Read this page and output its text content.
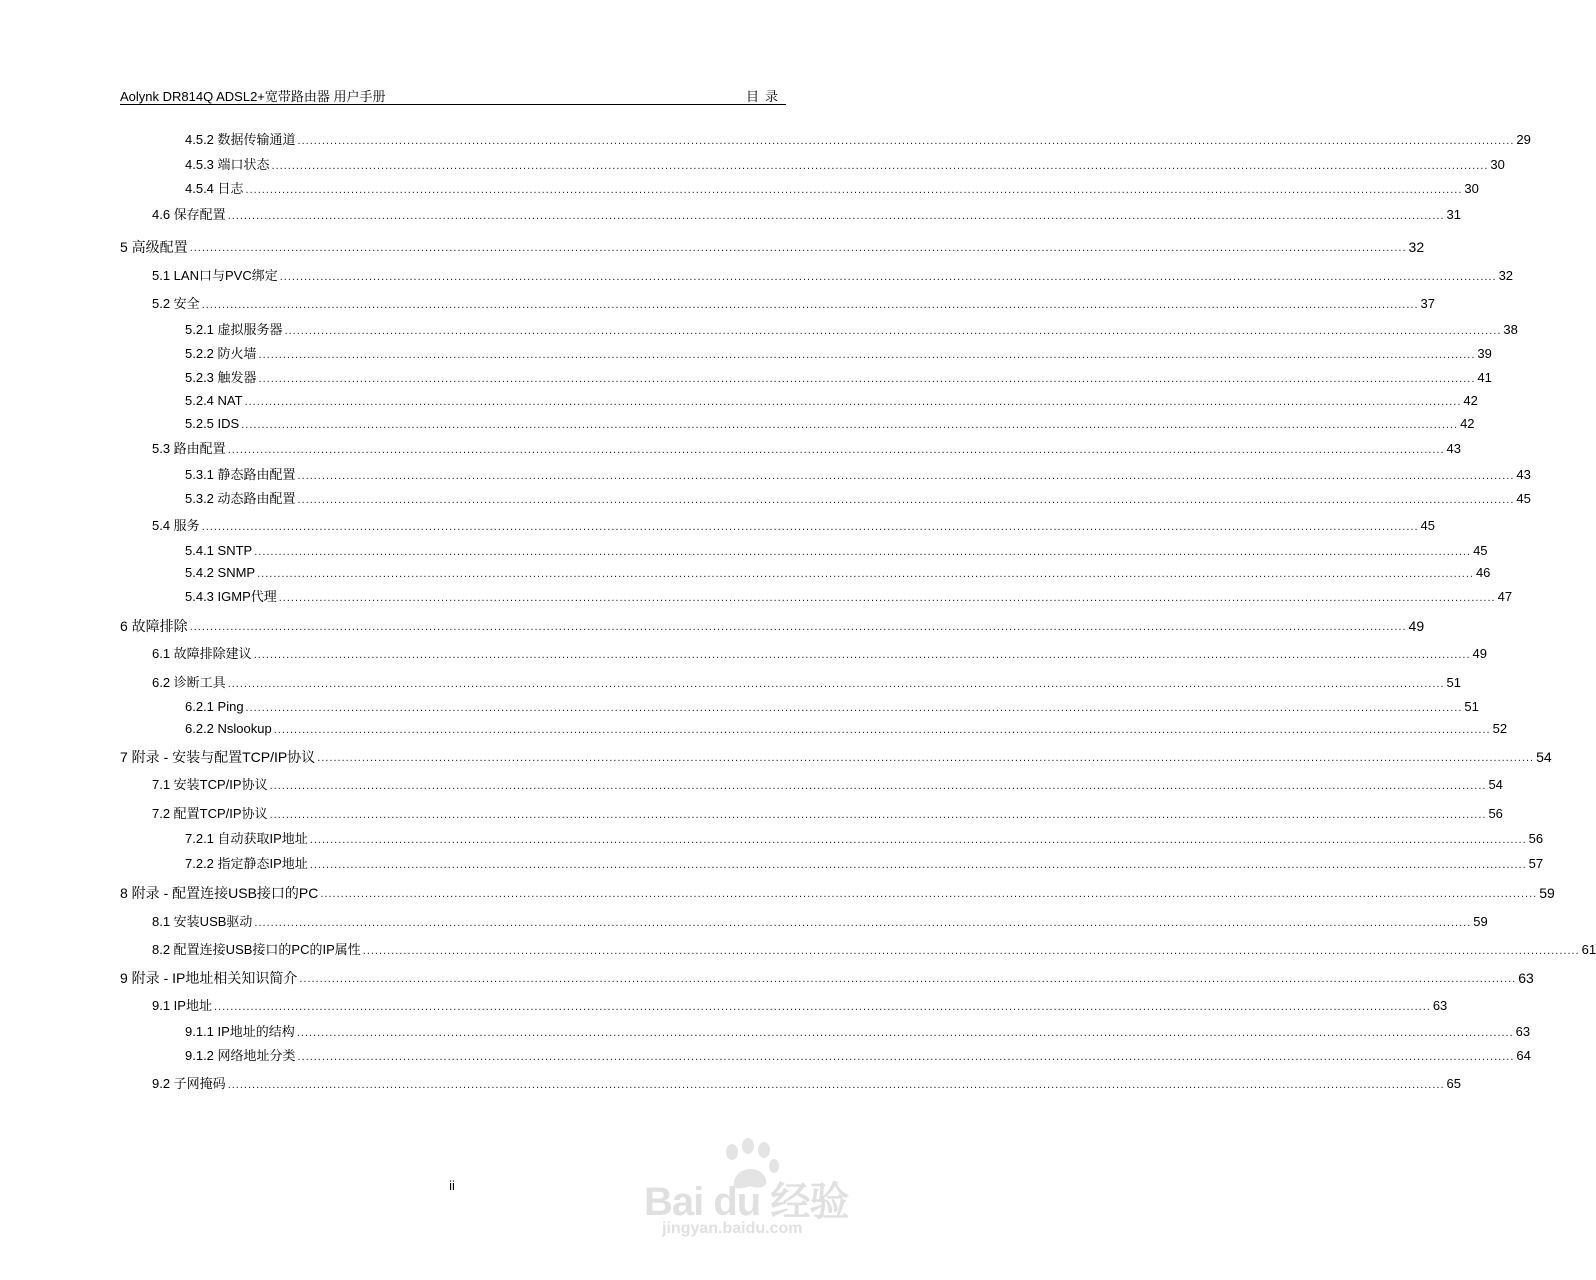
Aolynk DR814Q ADSL2+宽带路由器 用户手册	目录
4.5.2 数据传输通道 ............................................................................................................................................................................................................................................................................................................ 29
4.5.3 端口状态 ............................................................................................................................................................................................................................................................................................................ 30
4.5.4 日志 ............................................................................................................................................................................................................................................................................................................ 30
4.6 保存配置 ............................................................................................................................................................................................................................................................................................................ 31
5 高级配置 ............................................................................................................................................................................................................................................................................................................ 32
5.1 LAN口与PVC绑定 ............................................................................................................................................................................................................................................................................................................ 32
5.2 安全 ............................................................................................................................................................................................................................................................................................................ 37
5.2.1 虚拟服务器 ............................................................................................................................................................................................................................................................................................................ 38
5.2.2 防火墙 ............................................................................................................................................................................................................................................................................................................ 39
5.2.3 触发器 ............................................................................................................................................................................................................................................................................................................ 41
5.2.4 NAT ............................................................................................................................................................................................................................................................................................................ 42
5.2.5 IDS ............................................................................................................................................................................................................................................................................................................ 42
5.3 路由配置 ............................................................................................................................................................................................................................................................................................................ 43
5.3.1 静态路由配置 ............................................................................................................................................................................................................................................................................................................ 43
5.3.2 动态路由配置 ............................................................................................................................................................................................................................................................................................................ 45
5.4 服务 ............................................................................................................................................................................................................................................................................................................ 45
5.4.1 SNTP ............................................................................................................................................................................................................................................................................................................ 45
5.4.2 SNMP ............................................................................................................................................................................................................................................................................................................ 46
5.4.3 IGMP代理 ............................................................................................................................................................................................................................................................................................................ 47
6 故障排除 ............................................................................................................................................................................................................................................................................................................ 49
6.1 故障排除建议 ............................................................................................................................................................................................................................................................................................................ 49
6.2 诊断工具 ............................................................................................................................................................................................................................................................................................................ 51
6.2.1 Ping ............................................................................................................................................................................................................................................................................................................ 51
6.2.2 Nslookup ............................................................................................................................................................................................................................................................................................................ 52
7 附录 - 安装与配置TCP/IP协议 ............................................................................................................................................................................................................................................................................................................ 54
7.1 安装TCP/IP协议 ............................................................................................................................................................................................................................................................................................................ 54
7.2 配置TCP/IP协议 ............................................................................................................................................................................................................................................................................................................ 56
7.2.1 自动获取IP地址 ............................................................................................................................................................................................................................................................................................................ 56
7.2.2 指定静态IP地址 ............................................................................................................................................................................................................................................................................................................ 57
8 附录 - 配置连接USB接口的PC ............................................................................................................................................................................................................................................................................................................ 59
8.1 安装USB驱动 ............................................................................................................................................................................................................................................................................................................ 59
8.2 配置连接USB接口的PC的IP属性 ............................................................................................................................................................................................................................................................................................................ 61
9 附录 - IP地址相关知识简介 ............................................................................................................................................................................................................................................................................................................ 63
9.1 IP地址 ............................................................................................................................................................................................................................................................................................................ 63
9.1.1 IP地址的结构 ............................................................................................................................................................................................................................................................................................................ 63
9.1.2 网络地址分类 ............................................................................................................................................................................................................................................................................................................ 64
9.2 子网掩码 ............................................................................................................................................................................................................................................................................................................ 65
ii	Bai du 经验
jingyan.baidu.com
